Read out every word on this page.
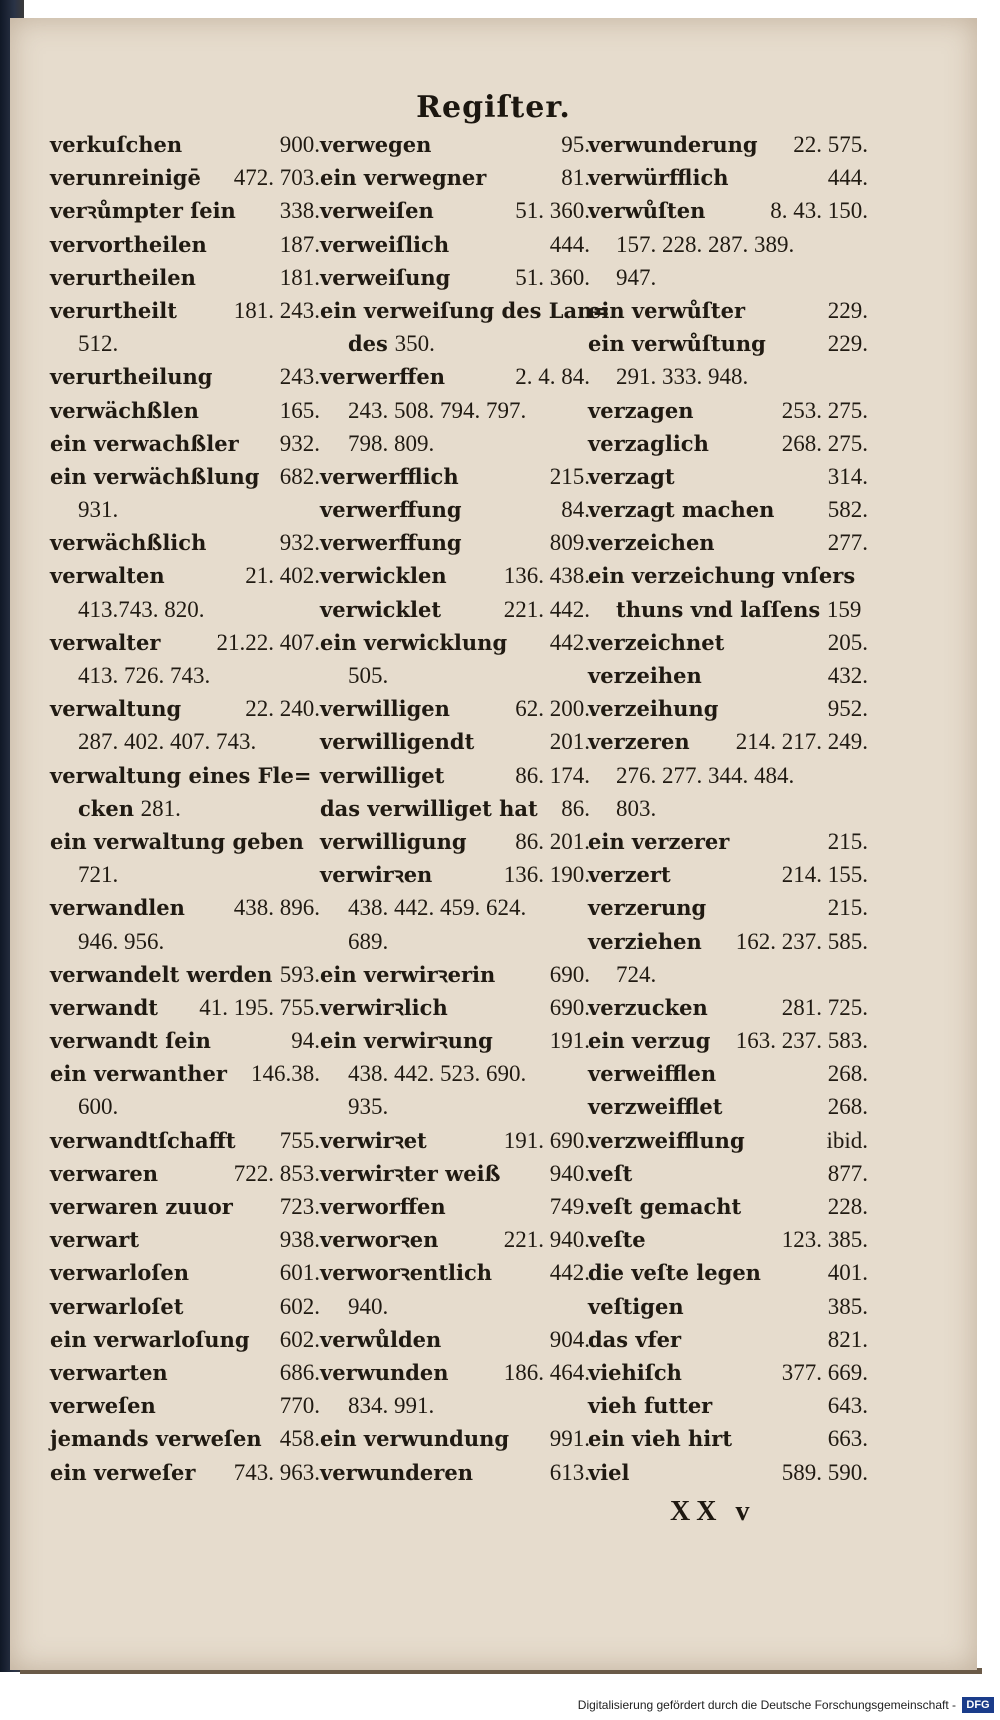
Regiſter.
verkuſchen	900.
verunreinigē 472. 703.
verꝛůmpter ſein 338.
vervortheilen	187.
verurtheilen	181.
verurtheilt 181. 243.
512.
verurtheilung	243.
verwächßlen	165.
ein verwachßler 932.
ein verwächßlung 682.
931.
verwächßlich	932.
verwalten	21. 402.
413.743. 820.
verwalter 21.22. 407.
413. 726. 743.
verwaltung	22. 240.
287. 402. 407. 743.
verwaltung eines Fle=
cken 281.
ein verwaltung geben
721.
verwandlen 438. 896.
946. 956.
verwandelt werden 593.
verwandt 41. 195. 755.
verwandt ſein	94.
ein verwanther 146.38.
600.
verwandtſchafft 755.
verwaren	722. 853.
verwaren zuuor 723.
verwart	938.
verwarloſen	601.
verwarloſet	602.
ein verwarloſung 602.
verwarten	686.
verweſen	770.
jemands verweſen 458.
ein verweſer 743. 963.
verwegen	95.
ein verwegner	81.
verweiſen	51. 360.
verweiſlich	444.
verweiſung	51. 360.
ein verweiſung des Lan=
des 350.
verwerffen	2. 4. 84.
243. 508. 794. 797.
798. 809.
verwerfflich	215.
verwerffung	84.
verwerffung	809.
verwicklen 136. 438.
verwicklet	221. 442.
ein verwicklung 442.
505.
verwilligen	62. 200.
verwilligendt	201.
verwilliget	86. 174.
das verwilliget hat 86.
verwilligung 86. 201.
verwirꝛen	136. 190.
438. 442. 459. 624.
689.
ein verwirꝛerin 690.
verwirꝛlich	690.
ein verwirꝛung 191.
438. 442. 523. 690.
935.
verwirꝛet	191. 690.
verwirꝛter weiß 940.
verworffen	749.
verworꝛen	221. 940.
verworꝛentlich	442.
940.
verwůlden	904.
verwunden 186. 464.
834. 991.
ein verwundung 991.
verwunderen	613.
verwunderung 22. 575.
verwürfflich	444.
verwůſten	8. 43. 150.
157. 228. 287. 389.
947.
ein verwůſter	229.
ein verwůſtung	229.
291. 333. 948.
verzagen	253. 275.
verzaglich	268. 275.
verzagt	314.
verzagt machen 582.
verzeichen	277.
ein verzeichung vnſers
thuns vnd laſſens 159
verzeichnet	205.
verzeihen	432.
verzeihung	952.
verzeren 214. 217. 249.
276. 277. 344. 484.
803.
ein verzerer	215.
verzert	214. 155.
verzerung	215.
verziehen 162. 237. 585.
724.
verzucken	281. 725.
ein verzug 163. 237. 583.
verweifflen	268.
verzweifflet	268.
verzweifflung	ibid.
veſt	877.
veſt gemacht	228.
veſte	123. 385.
die veſte legen	401.
veſtigen	385.
das vfer	821.
viehiſch	377. 669.
vieh futter	643.
ein vieh hirt	663.
viel	589. 590.
XX v
Digitalisierung gefördert durch die Deutsche Forschungsgemeinschaft - DFG
